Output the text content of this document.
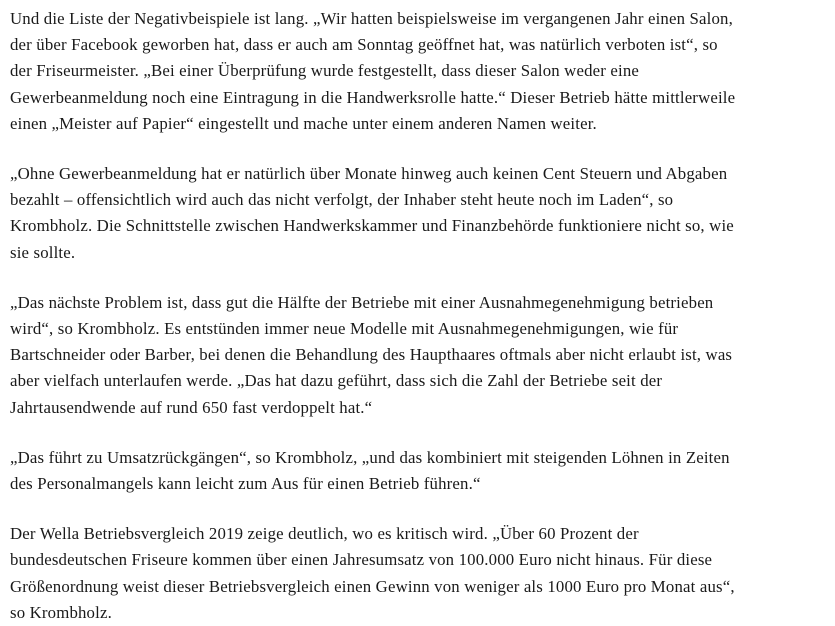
Und die Liste der Negativbeispiele ist lang. „Wir hatten beispielsweise im vergangenen Jahr einen Salon, der über Facebook geworben hat, dass er auch am Sonntag geöffnet hat, was natürlich verboten ist“, so der Friseurmeister. „Bei einer Überprüfung wurde festgestellt, dass dieser Salon weder eine Gewerbeanmeldung noch eine Eintragung in die Handwerksrolle hatte.“ Dieser Betrieb hätte mittlerweile einen „Meister auf Papier“ eingestellt und mache unter einem anderen Namen weiter.

„Ohne Gewerbeanmeldung hat er natürlich über Monate hinweg auch keinen Cent Steuern und Abgaben bezahlt – offensichtlich wird auch das nicht verfolgt, der Inhaber steht heute noch im Laden“, so Krombholz. Die Schnittstelle zwischen Handwerkskammer und Finanzbehörde funktioniere nicht so, wie sie sollte.

„Das nächste Problem ist, dass gut die Hälfte der Betriebe mit einer Ausnahmegenehmigung betrieben wird“, so Krombholz. Es entstünden immer neue Modelle mit Ausnahmegenehmigungen, wie für Bartschneider oder Barber, bei denen die Behandlung des Haupthaares oftmals aber nicht erlaubt ist, was aber vielfach unterlaufen werde. „Das hat dazu geführt, dass sich die Zahl der Betriebe seit der Jahrtausendwende auf rund 650 fast verdoppelt hat.“

„Das führt zu Umsatzrückgängen“, so Krombholz, „und das kombiniert mit steigenden Löhnen in Zeiten des Personalmangels kann leicht zum Aus für einen Betrieb führen.“

Der Wella Betriebsvergleich 2019 zeige deutlich, wo es kritisch wird. „Über 60 Prozent der bundesdeutschen Friseure kommen über einen Jahresumsatz von 100.000 Euro nicht hinaus. Für diese Größenordnung weist dieser Betriebsvergleich einen Gewinn von weniger als 1000 Euro pro Monat aus“, so Krombholz.
